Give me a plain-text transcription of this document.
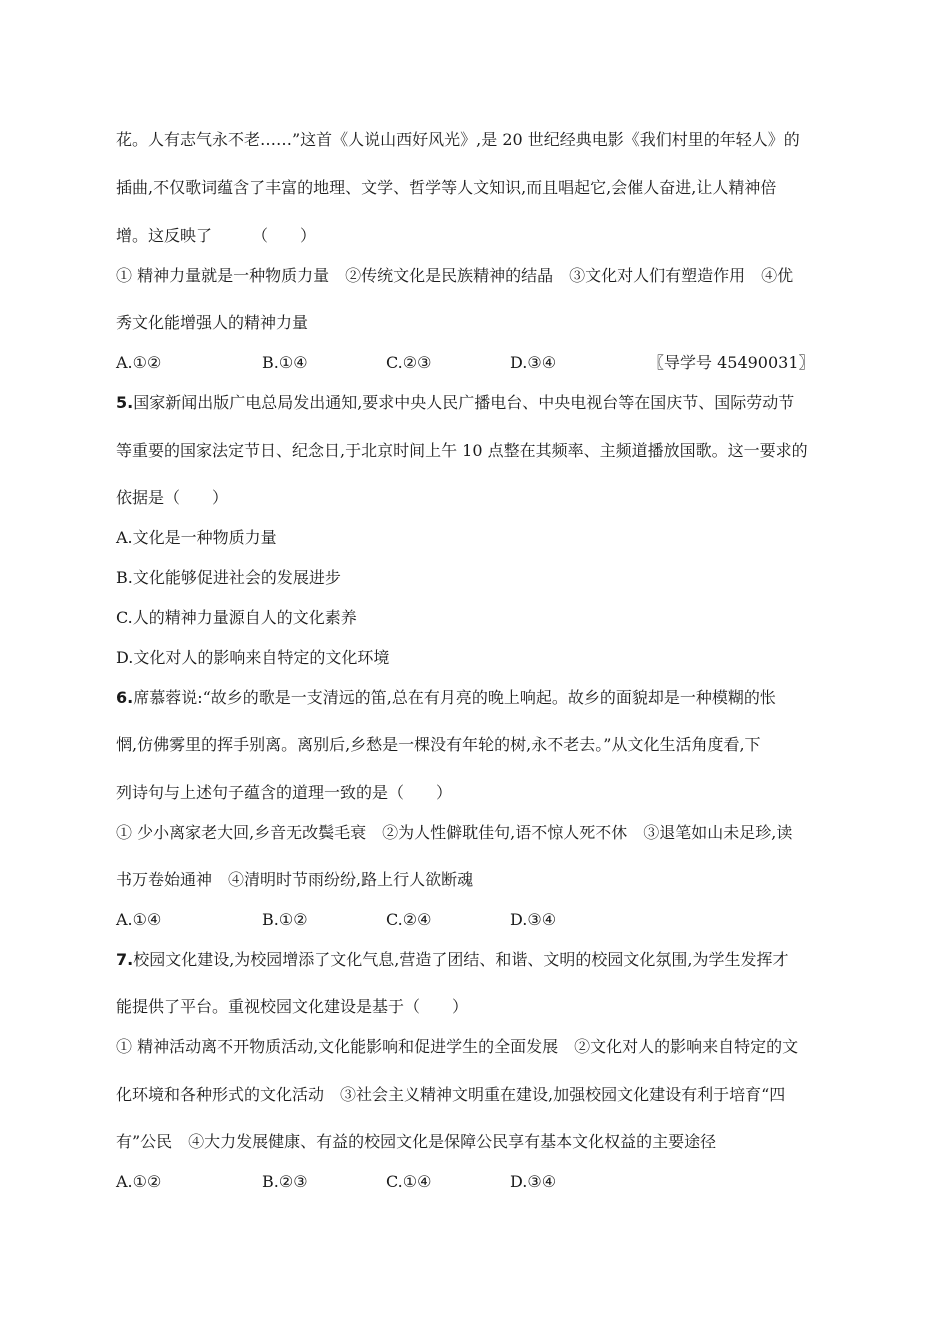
花。人有志气永不老……”这首《人说山西好风光》,是 20 世纪经典电影《我们村里的年轻人》的

插曲,不仅歌词蕴含了丰富的地理、文学、哲学等人文知识,而且唱起它,会催人奋进,让人精神倍

增。这反映了　　　（　　）

① 精神力量就是一种物质力量　②传统文化是民族精神的结晶　③文化对人们有塑造作用　④优

秀文化能增强人的精神力量

A.①②	B.①④	C.②③	D.③④	〖导学号 45490031〗

5.国家新闻出版广电总局发出通知,要求中央人民广播电台、中央电视台等在国庆节、国际劳动节

等重要的国家法定节日、纪念日,于北京时间上午 10 点整在其频率、主频道播放国歌。这一要求的

依据是（　　）

A.文化是一种物质力量

B.文化能够促进社会的发展进步

C.人的精神力量源自人的文化素养

D.文化对人的影响来自特定的文化环境

6.席慕蓉说:“故乡的歌是一支清远的笛,总在有月亮的晚上响起。故乡的面貌却是一种模糊的怅

惘,仿佛雾里的挥手别离。离别后,乡愁是一棵没有年轮的树,永不老去。”从文化生活角度看,下

列诗句与上述句子蕴含的道理一致的是（　　）

① 少小离家老大回,乡音无改鬓毛衰　②为人性僻耽佳句,语不惊人死不休　③退笔如山未足珍,读

书万卷始通神　④清明时节雨纷纷,路上行人欲断魂

A.①④	B.①②	C.②④	D.③④

7.校园文化建设,为校园增添了文化气息,营造了团结、和谐、文明的校园文化氛围,为学生发挥才

能提供了平台。重视校园文化建设是基于（　　）

① 精神活动离不开物质活动,文化能影响和促进学生的全面发展　②文化对人的影响来自特定的文

化环境和各种形式的文化活动　③社会主义精神文明重在建设,加强校园文化建设有利于培育“四

有”公民　④大力发展健康、有益的校园文化是保障公民享有基本文化权益的主要途径

A.①②	B.②③	C.①④	D.③④
